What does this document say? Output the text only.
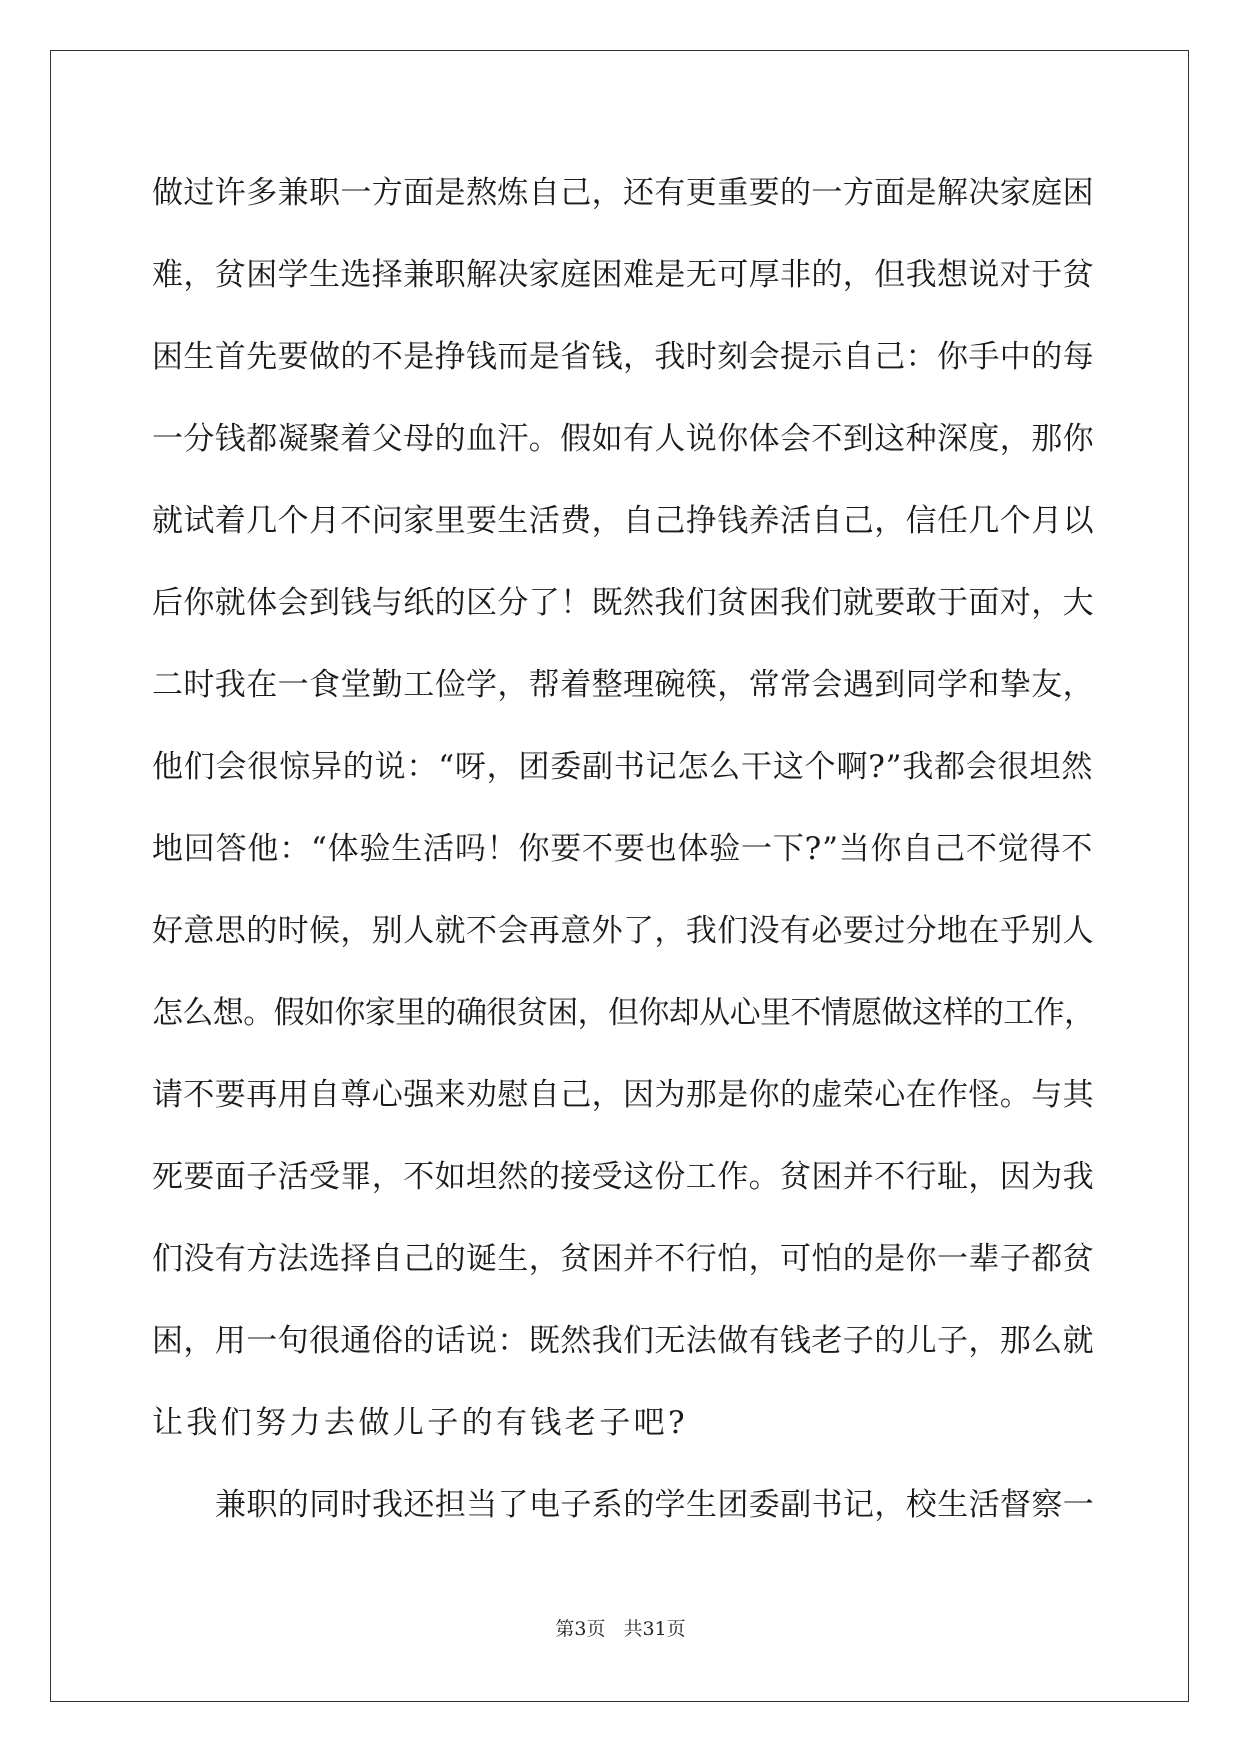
做过许多兼职一方面是熬炼自己，还有更重要的一方面是解决家庭困
难，贫困学生选择兼职解决家庭困难是无可厚非的，但我想说对于贫
困生首先要做的不是挣钱而是省钱，我时刻会提示自己：你手中的每
一分钱都凝聚着父母的血汗。假如有人说你体会不到这种深度，那你
就试着几个月不问家里要生活费，自己挣钱养活自己，信任几个月以
后你就体会到钱与纸的区分了！既然我们贫困我们就要敢于面对，大
二时我在一食堂勤工俭学，帮着整理碗筷，常常会遇到同学和挚友，
他们会很惊异的说：“呀，团委副书记怎么干这个啊?”我都会很坦然
地回答他：“体验生活吗！你要不要也体验一下?”当你自己不觉得不
好意思的时候，别人就不会再意外了，我们没有必要过分地在乎别人
怎么想。假如你家里的确很贫困，但你却从心里不情愿做这样的工作，
请不要再用自尊心强来劝慰自己，因为那是你的虚荣心在作怪。与其
死要面子活受罪，不如坦然的接受这份工作。贫困并不行耻，因为我
们没有方法选择自己的诞生，贫困并不行怕，可怕的是你一辈子都贫
困，用一句很通俗的话说：既然我们无法做有钱老子的儿子，那么就
让我们努力去做儿子的有钱老子吧?
兼职的同时我还担当了电子系的学生团委副书记，校生活督察一
第3页 共31页
